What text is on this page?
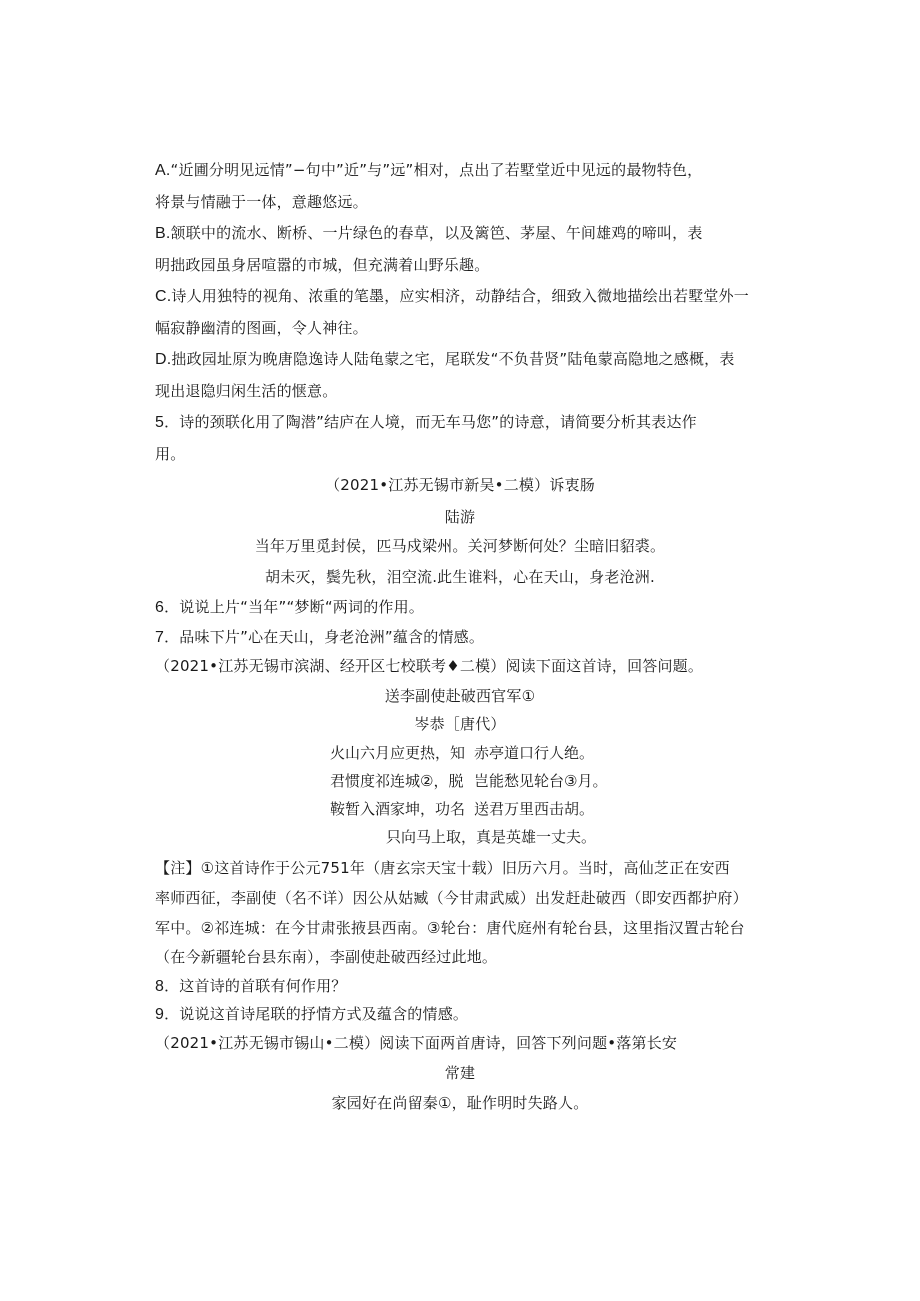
A.“近圃分明见远情”−句中”近”与”远”相对，点出了若墅堂近中见远的最物特色，
将景与情融于一体，意趣悠远。
B.颔联中的流水、断桥、一片绿色的春草，以及篱笆、茅屋、午间雄鸡的啼叫，表
明拙政园虽身居喧嚣的市城，但充满着山野乐趣。
C.诗人用独特的视角、浓重的笔墨，应实相济，动静结合，细致入微地描绘出若墅堂外一
幅寂静幽清的图画，令人神往。
D.拙政园址原为晚唐隐逸诗人陆龟蒙之宅，尾联发“不负昔贤”陆龟蒙高隐地之感概，表
现出退隐归闲生活的惬意。
5．诗的颈联化用了陶潜”结庐在人境，而无车马您”的诗意，请简要分析其表达作
用。
（2021•江苏无锡市新吴•二模）诉衷肠
陆游
当年万里觅封侯，匹马戍梁州。关河梦断何处？尘暗旧貂裘。
胡未灭，鬓先秋，泪空流.此生谁料，心在天山，身老沧洲.
6．说说上片“当年”“梦断“两词的作用。
7．品味下片”心在天山，身老沧洲”蕴含的情感。
（2021•江苏无锡市滨湖、经开区七校联考♦二模）阅读下面这首诗，回答问题。
送李副使赴破西官军①
岑恭［唐代）
火山六月应更热，知 赤亭道口行人绝。
君惯度祁连城②，脱 岂能愁见轮台③月。
鞍暂入酒家坤，功名 送君万里西击胡。
只向马上取，真是英雄一丈夫。
【注】①这首诗作于公元751年（唐玄宗天宝十载）旧历六月。当时，高仙芝正在安西
率师西征，李副使（名不详）因公从姑臧（今甘肃武威）出发赶赴破西（即安西都护府）
军中。②祁连城：在今甘肃张掖县西南。③轮台：唐代庭州有轮台县，这里指汉置古轮台
（在今新疆轮台县东南），李副使赴破西经过此地。
8．这首诗的首联有何作用？
9．说说这首诗尾联的抒情方式及蕴含的情感。
（2021•江苏无锡市锡山•二模）阅读下面两首唐诗，回答下列问题•落第长安
常建
家园好在尚留秦①，耻作明时失路人。
